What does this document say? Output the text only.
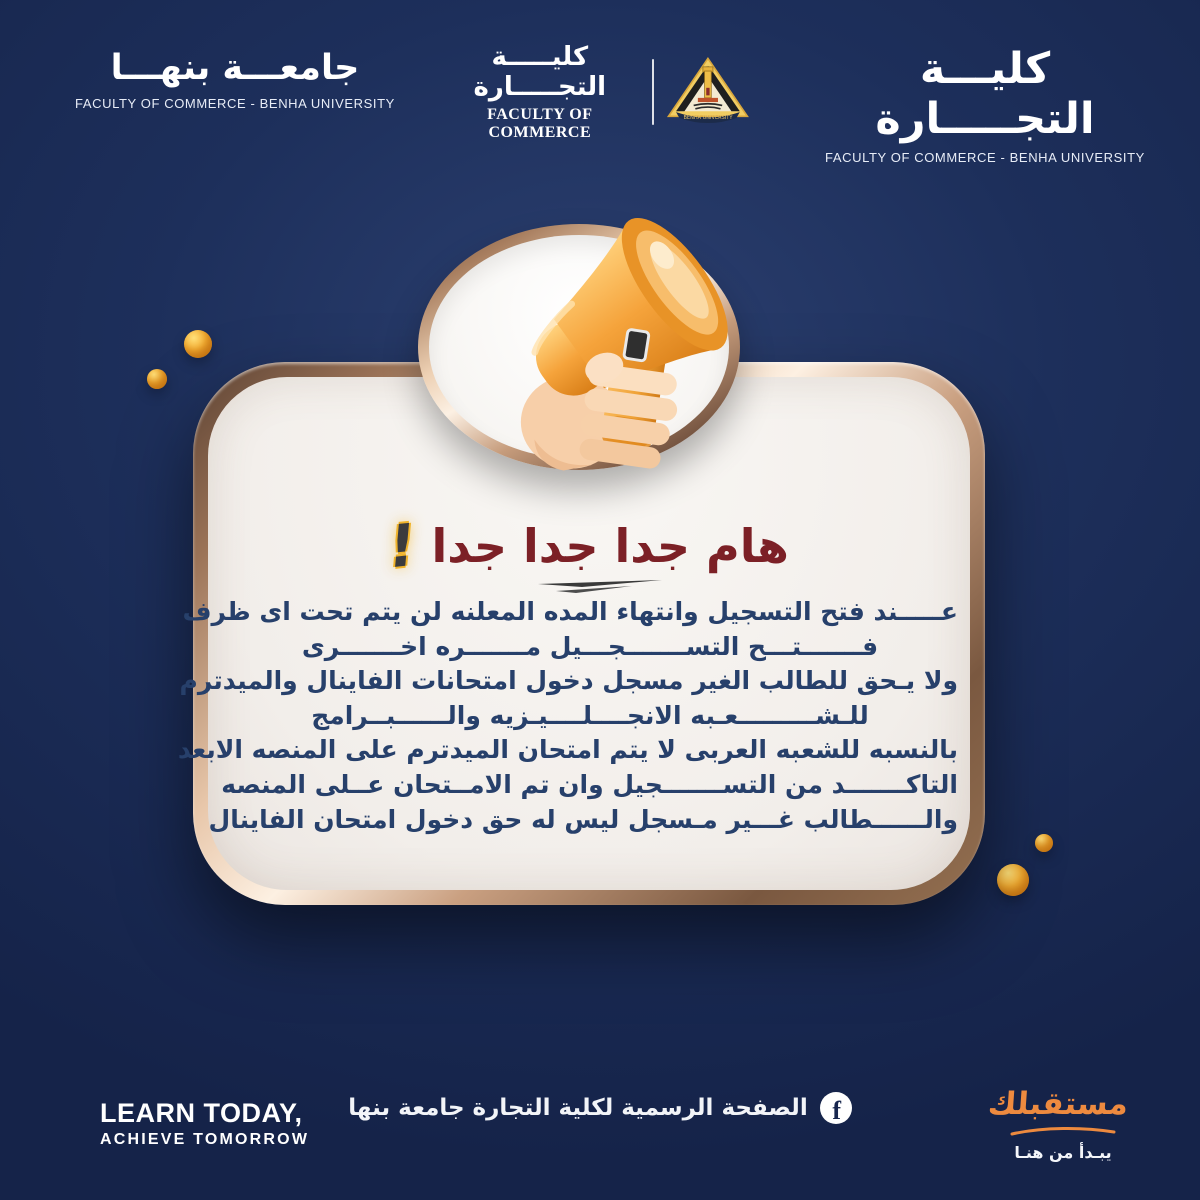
جامعـــة بنهـــا
FACULTY OF COMMERCE - BENHA UNIVERSITY
كليـــــة التجـــــارة
FACULTY OF COMMERCE
BENHA UNIVERSITY
كليـــة التجـــــارة
FACULTY OF COMMERCE - BENHA UNIVERSITY
! هام جدا جدا جدا
عـــــند فتح التسجيل وانتهاء المده المعلنه لن يتم تحت اى ظرف
فـــــــتـــح التســـــــجـــيل مـــــــره اخـــــــرى
ولا يـحق للطالب الغير مسجل دخول امتحانات الفاينال والميدترم
للـشـــــــــعـبه الانجــــلــــيـزيه والــــــبــرامج
بالنسبه للشعبه العربى لا يتم امتحان الميدترم على المنصه الابعد
التاكـــــــد من التســـــــجيل وان تم الامــتحان عــلى المنصه
والــــــطالب غـــير مـسجل ليس له حق دخول امتحان الفاينال
LEARN TODAY,
ACHIEVE TOMORROW
f
الصفحة الرسمية لكلية التجارة جامعة بنها	مستقبلك
يبـدأ من هنـا
